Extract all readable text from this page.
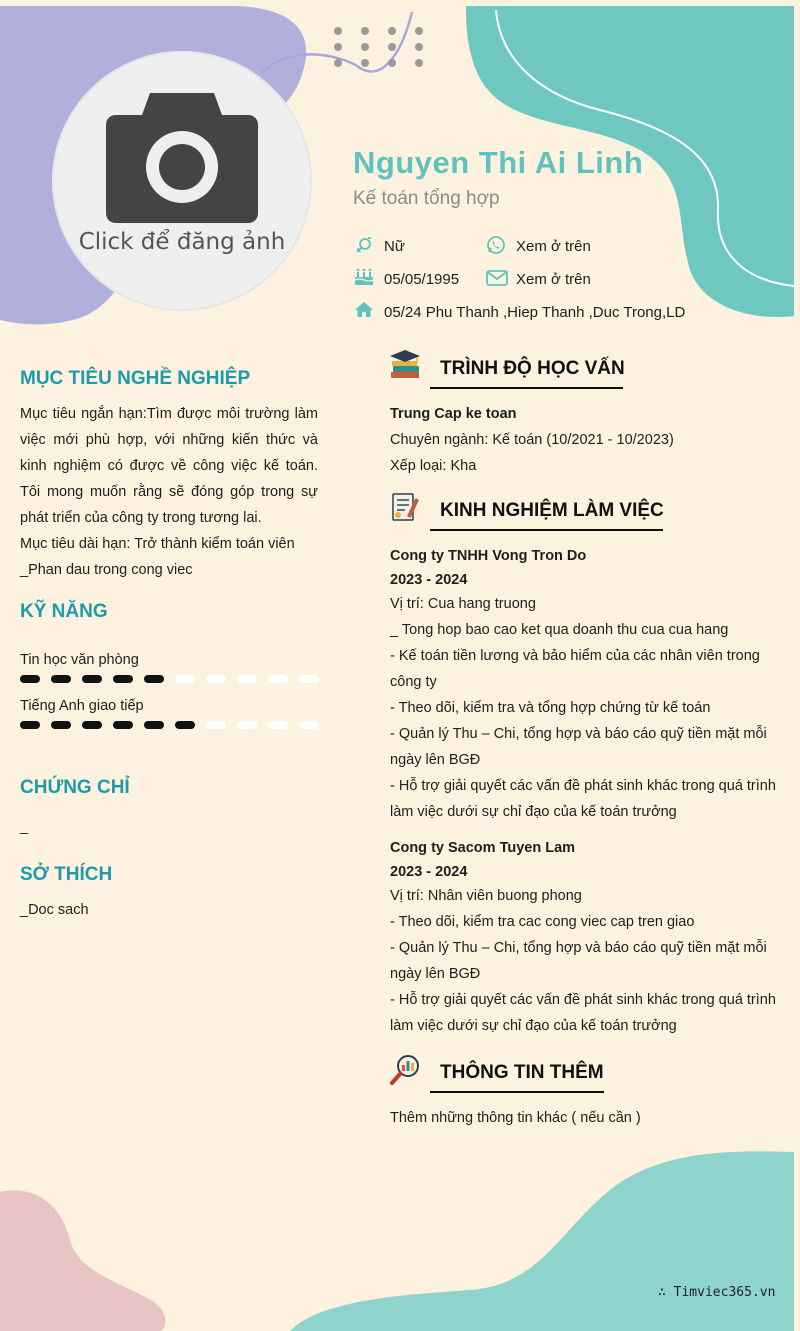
Click để đăng ảnh
Nguyen Thi Ai Linh
Kế toán tổng hợp
Nữ	Xem ở trên
05/05/1995	Xem ở trên
05/24 Phu Thanh ,Hiep Thanh ,Duc Trong,LD
MỤC TIÊU NGHỀ NGHIỆP
Mục tiêu ngắn hạn:Tìm được môi trường làm việc mới phù hợp, với những kiến thức và kinh nghiệm có được về công việc kế toán. Tôi mong muốn rằng sẽ đóng góp trong sự phát triển của công ty trong tương lai.
Mục tiêu dài hạn: Trở thành kiểm toán viên
_Phan dau trong cong viec
KỸ NĂNG
Tin học văn phòng
Tiếng Anh giao tiếp
CHỨNG CHỈ
_
SỞ THÍCH
_Doc sach
TRÌNH ĐỘ HỌC VẤN
Trung Cap ke toan
Chuyên ngành: Kế toán (10/2021 - 10/2023)
Xếp loại: Kha
KINH NGHIỆM LÀM VIỆC
Cong ty TNHH Vong Tron Do
2023 - 2024
Vị trí: Cua hang truong
_ Tong hop bao cao ket qua doanh thu cua cua hang
- Kế toán tiền lương và bảo hiểm của các nhân viên trong công ty
- Theo dõi, kiểm tra và tổng hợp chứng từ kế toán
- Quản lý Thu – Chi, tổng hợp và báo cáo quỹ tiền mặt mỗi ngày lên BGĐ
- Hỗ trợ giải quyết các vấn đề phát sinh khác trong quá trình làm việc dưới sự chỉ đạo của kế toán trưởng
Cong ty Sacom Tuyen Lam
2023 - 2024
Vị trí: Nhân viên buong phong
- Theo dõi, kiểm tra cac cong viec cap tren giao
- Quản lý Thu – Chi, tổng hợp và báo cáo quỹ tiền mặt mỗi ngày lên BGĐ
- Hỗ trợ giải quyết các vấn đề phát sinh khác trong quá trình làm việc dưới sự chỉ đạo của kế toán trưởng
THÔNG TIN THÊM
Thêm những thông tin khác ( nếu cần )
∴ Timviec365.vn
